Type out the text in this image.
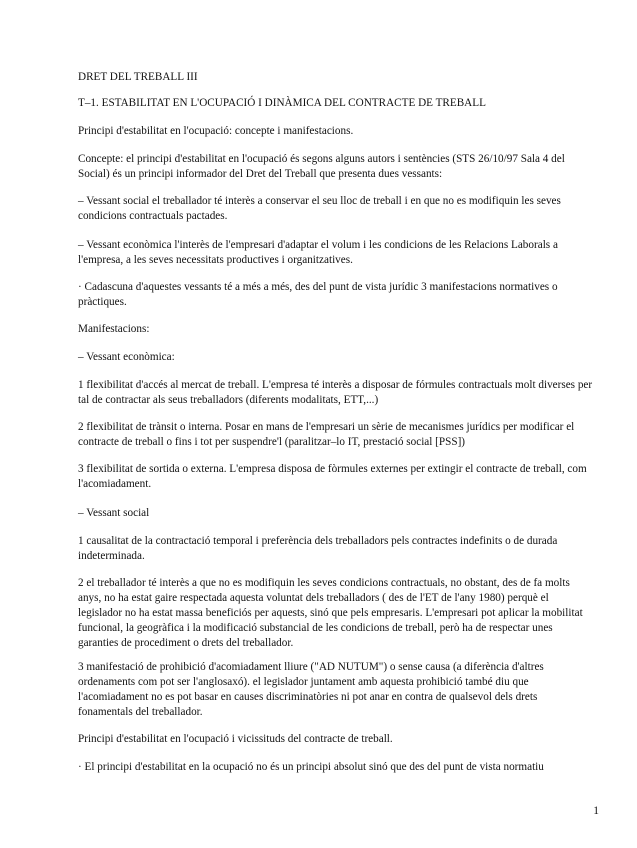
DRET DEL TREBALL III

T–1. ESTABILITAT EN L'OCUPACIÓ I DINÀMICA DEL CONTRACTE DE TREBALL

Principi d'estabilitat en l'ocupació: concepte i manifestacions.

Concepte: el principi d'estabilitat en l'ocupació és segons alguns autors i sentències (STS 26/10/97 Sala 4 del Social) és un principi informador del Dret del Treball que presenta dues vessants:

– Vessant social el treballador té interès a conservar el seu lloc de treball i en que no es modifiquin les seves condicions contractuals pactades.

– Vessant econòmica l'interès de l'empresari d'adaptar el volum i les condicions de les Relacions Laborals a l'empresa, a les seves necessitats productives i organitzatives.

· Cadascuna d'aquestes vessants té a més a més, des del punt de vista jurídic 3 manifestacions normatives o pràctiques.

Manifestacions:

– Vessant econòmica:

1 flexibilitat d'accés al mercat de treball. L'empresa té interès a disposar de fórmules contractuals molt diverses per tal de contractar als seus treballadors (diferents modalitats, ETT,...)

2 flexibilitat de trànsit o interna. Posar en mans de l'empresari un sèrie de mecanismes jurídics per modificar el contracte de treball o fins i tot per suspendre'l (paralitzar–lo IT, prestació social [PSS])

3 flexibilitat de sortida o externa. L'empresa disposa de fòrmules externes per extingir el contracte de treball, com l'acomiadament.

– Vessant social

1 causalitat de la contractació temporal i preferència dels treballadors pels contractes indefinits o de durada indeterminada.

2 el treballador té interès a que no es modifiquin les seves condicions contractuals, no obstant, des de fa molts anys, no ha estat gaire respectada aquesta voluntat dels treballadors ( des de l'ET de l'any 1980) perquè el legislador no ha estat massa beneficiós per aquests, sinó que pels empresaris. L'empresari pot aplicar la mobilitat funcional, la geogràfica i la modificació substancial de les condicions de treball, però ha de respectar unes garanties de procediment o drets del treballador.

3 manifestació de prohibició d'acomiadament lliure ("AD NUTUM") o sense causa (a diferència d'altres ordenaments com pot ser l'anglosaxó). el legislador juntament amb aquesta prohibició també diu que l'acomiadament no es pot basar en causes discriminatòries ni pot anar en contra de qualsevol dels drets fonamentals del treballador.

Principi d'estabilitat en l'ocupació i vicissituds del contracte de treball.

· El principi d'estabilitat en la ocupació no és un principi absolut sinó que des del punt de vista normatiu

1
